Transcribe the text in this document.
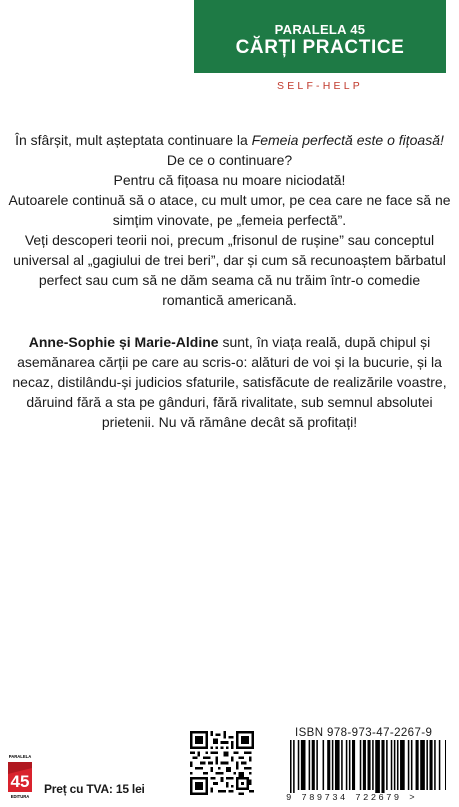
PARALELA 45
CĂRȚI PRACTICE
SELF-HELP

În sfârșit, mult așteptata continuare la Femeia perfectă este o fițoasă! De ce o continuare?

Pentru că fițoasa nu moare niciodată!

Autoarele continuă să o atace, cu mult umor, pe cea care ne face să ne simțim vinovate, pe „femeia perfectă”.

Veți descoperi teorii noi, precum „frisonul de rușine” sau conceptul universal al „gagiului de trei beri”, dar și cum să recunoaștem bărbatul perfect sau cum să ne dăm seama că nu trăim într-o comedie romantică americană.

Anne-Sophie și Marie-Aldine sunt, în viața reală, după chipul și asemănarea cărții pe care au scris-o: alături de voi și la bucurie, și la necaz, distilându-și judicios sfaturile, satisfăcute de realizările voastre, dăruind fără a sta pe gânduri, fără rivalitate, sub semnul absolutei prietenii. Nu vă rămâne decât să profitați!

ISBN 978-973-47-2267-9
9 789734 722679 >
PARALELA
45
EDITURA
Preț cu TVA: 15 lei
